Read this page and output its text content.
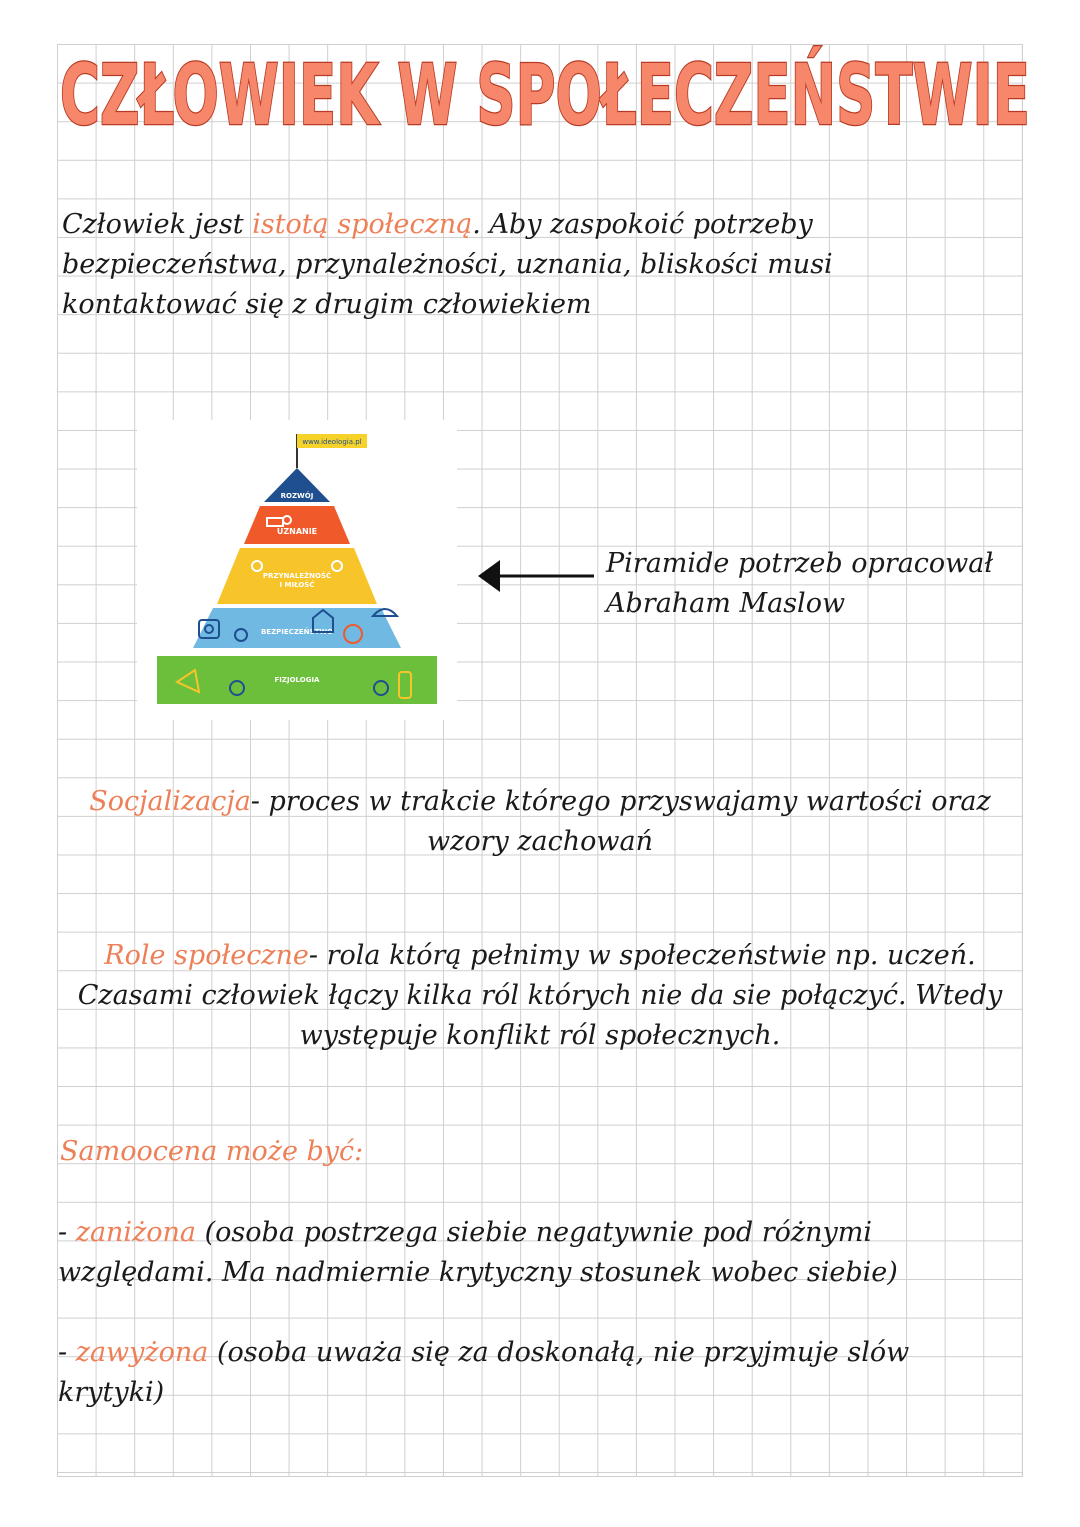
CZŁOWIEK W SPOŁECZEŃSTWIE
Człowiek jest istotą społeczną. Aby zaspokoić potrzeby bezpieczeństwa, przynależności, uznania, bliskości musi kontaktować się z drugim człowiekiem
www.ideologia.pl
ROZWÓJ
UZNANIE
PRZYNALEŻNOŚĆ
I MIŁOŚĆ
BEZPIECZEŃSTWO
FIZJOLOGIA
Piramide potrzeb opracował
Abraham Maslow
Socjalizacja- proces w trakcie którego przyswajamy wartości oraz wzory zachowań
Role społeczne- rola którą pełnimy w społeczeństwie np. uczeń. Czasami człowiek łączy kilka ról których nie da sie połączyć. Wtedy występuje konflikt ról społecznych.
Samoocena może być:
- zaniżona (osoba postrzega siebie negatywnie pod różnymi względami. Ma nadmiernie krytyczny stosunek wobec siebie)
- zawyżona (osoba uważa się za doskonałą, nie przyjmuje slów krytyki)
